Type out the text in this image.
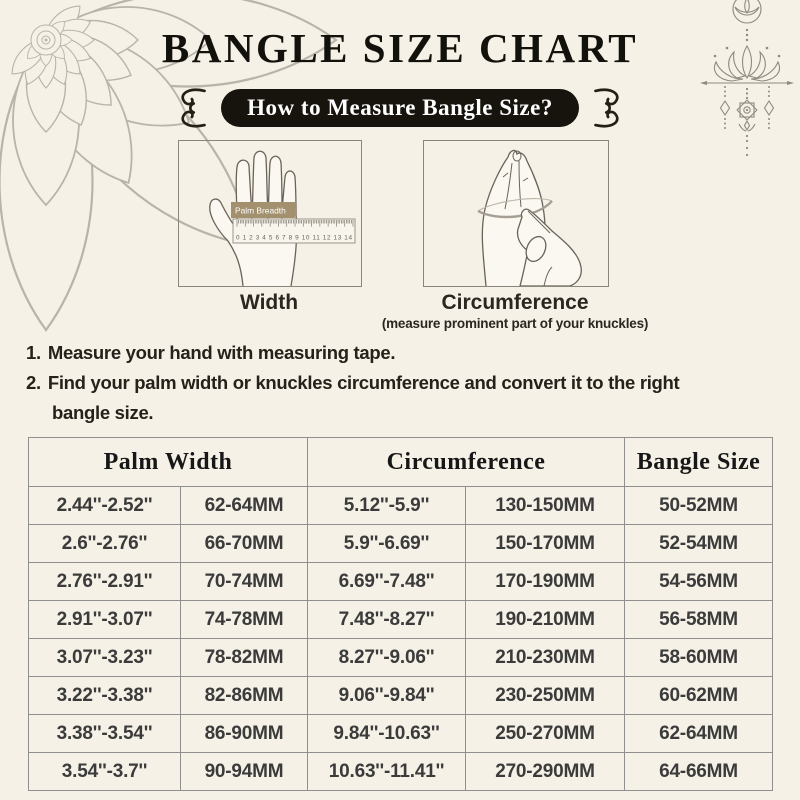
BANGLE SIZE CHART
How to Measure Bangle Size?
0 1 2 3 4 5 6 7 8 9 10 11 12 13 14
Palm Breadth
Width	Circumference
(measure prominent part of your knuckles)
1. Measure your hand with measuring tape.
2. Find your palm width or knuckles circumference and convert it to the right bangle size.
Palm Width		Circumference		Bangle Size
2.44''-2.52''	62-64MM	5.12''-5.9''	130-150MM	50-52MM
2.6''-2.76''	66-70MM	5.9''-6.69''	150-170MM	52-54MM
2.76''-2.91''	70-74MM	6.69''-7.48''	170-190MM	54-56MM
2.91''-3.07''	74-78MM	7.48''-8.27''	190-210MM	56-58MM
3.07''-3.23''	78-82MM	8.27''-9.06''	210-230MM	58-60MM
3.22''-3.38''	82-86MM	9.06''-9.84''	230-250MM	60-62MM
3.38''-3.54''	86-90MM	9.84''-10.63''	250-270MM	62-64MM
3.54''-3.7''	90-94MM	10.63''-11.41''	270-290MM	64-66MM
